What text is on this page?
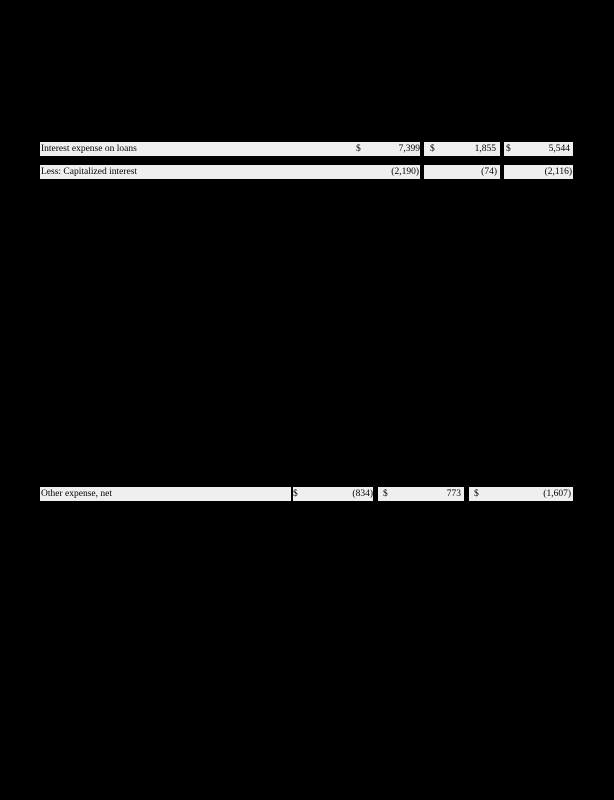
Interest expense on loans	$	7,399 $	1,855 $	5,544
Less: Capitalized interest	(2,190)	(74)	(2,116)
Other expense, net	$	(834) $	773 $	(1,607)
